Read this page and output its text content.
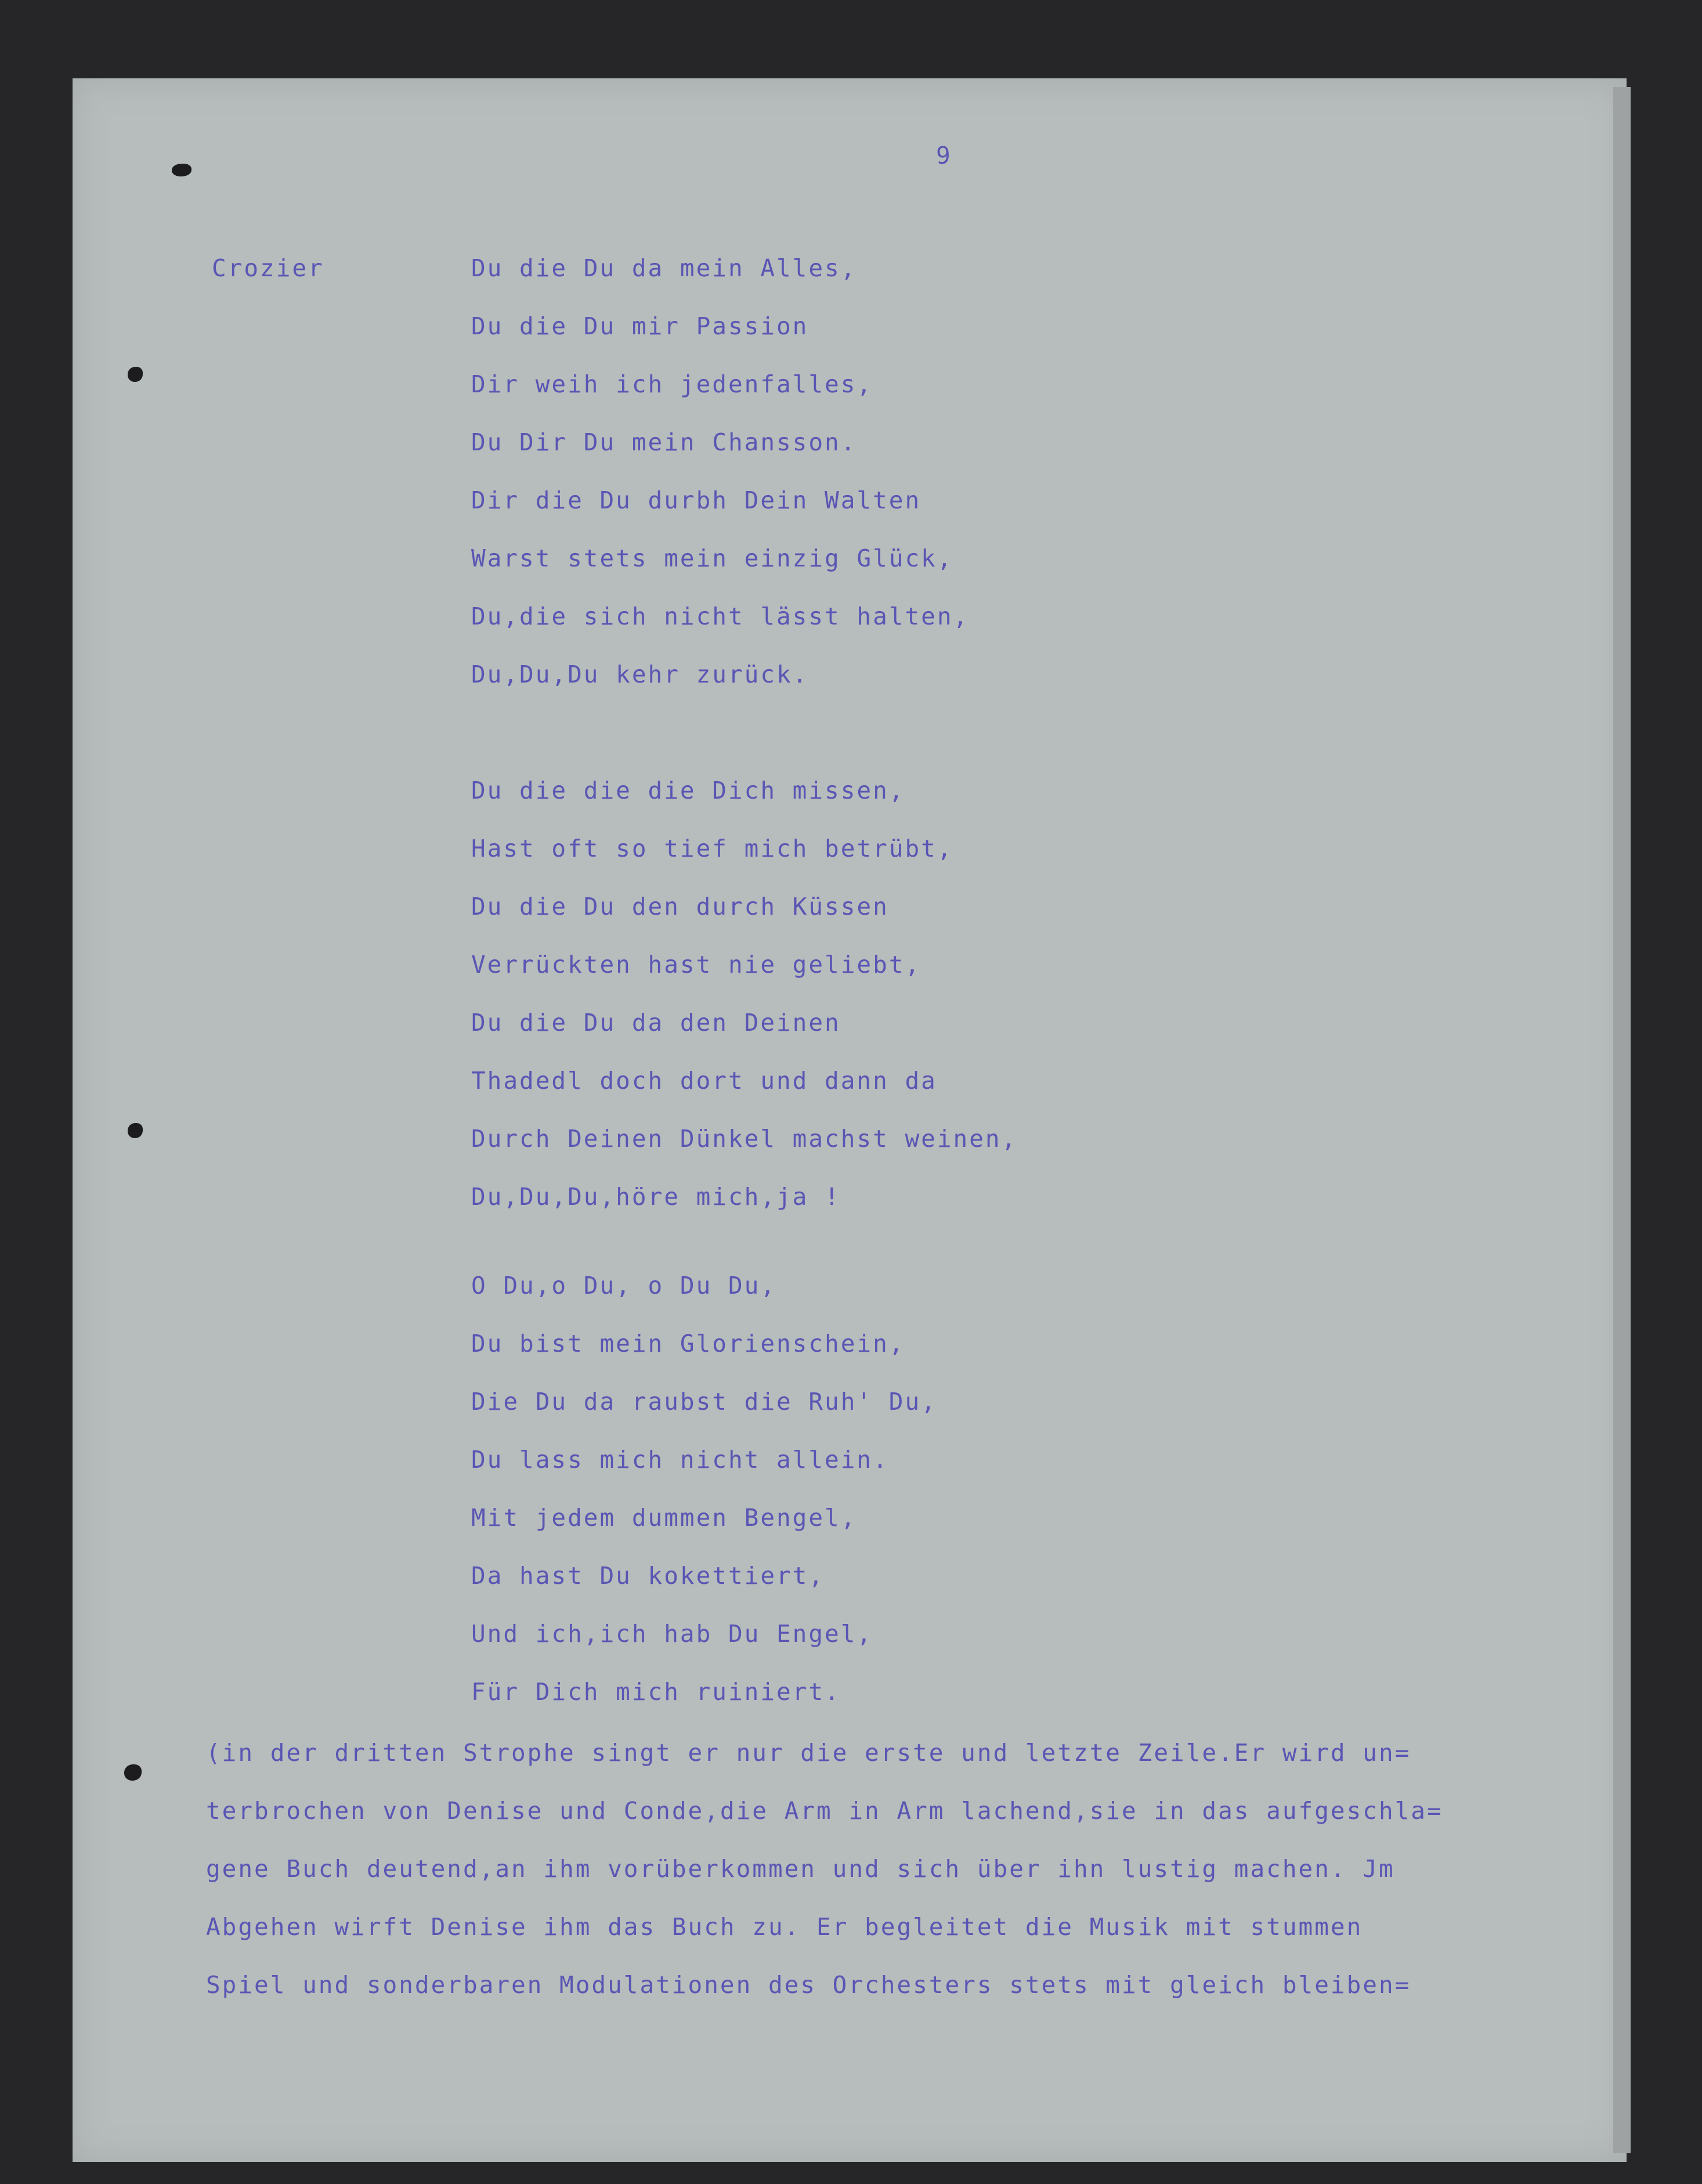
9
Crozier	Du die Du da mein Alles,
Du die Du mir Passion
Dir weih ich jedenfalles,
Du Dir Du mein Chansson.
Dir die Du durbh Dein Walten
Warst stets mein einzig Glück,
Du,die sich nicht lässt halten,
Du,Du,Du kehr zurück.
Du die die die Dich missen,
Hast oft so tief mich betrübt,
Du die Du den durch Küssen
Verrückten hast nie geliebt,
Du die Du da den Deinen
Thadedl doch dort und dann da
Durch Deinen Dünkel machst weinen,
Du,Du,Du,höre mich,ja !
O Du,o Du, o Du Du,
Du bist mein Glorienschein,
Die Du da raubst die Ruh' Du,
Du lass mich nicht allein.
Mit jedem dummen Bengel,
Da hast Du kokettiert,
Und ich,ich hab Du Engel,
Für Dich mich ruiniert.
(in der dritten Strophe singt er nur die erste und letzte Zeile.Er wird un=
terbrochen von Denise und Conde,die Arm in Arm lachend,sie in das aufgeschla=
gene Buch deutend,an ihm vorüberkommen und sich über ihn lustig machen. Jm
Abgehen wirft Denise ihm das Buch zu. Er begleitet die Musik mit stummen
Spiel und sonderbaren Modulationen des Orchesters stets mit gleich bleiben=
